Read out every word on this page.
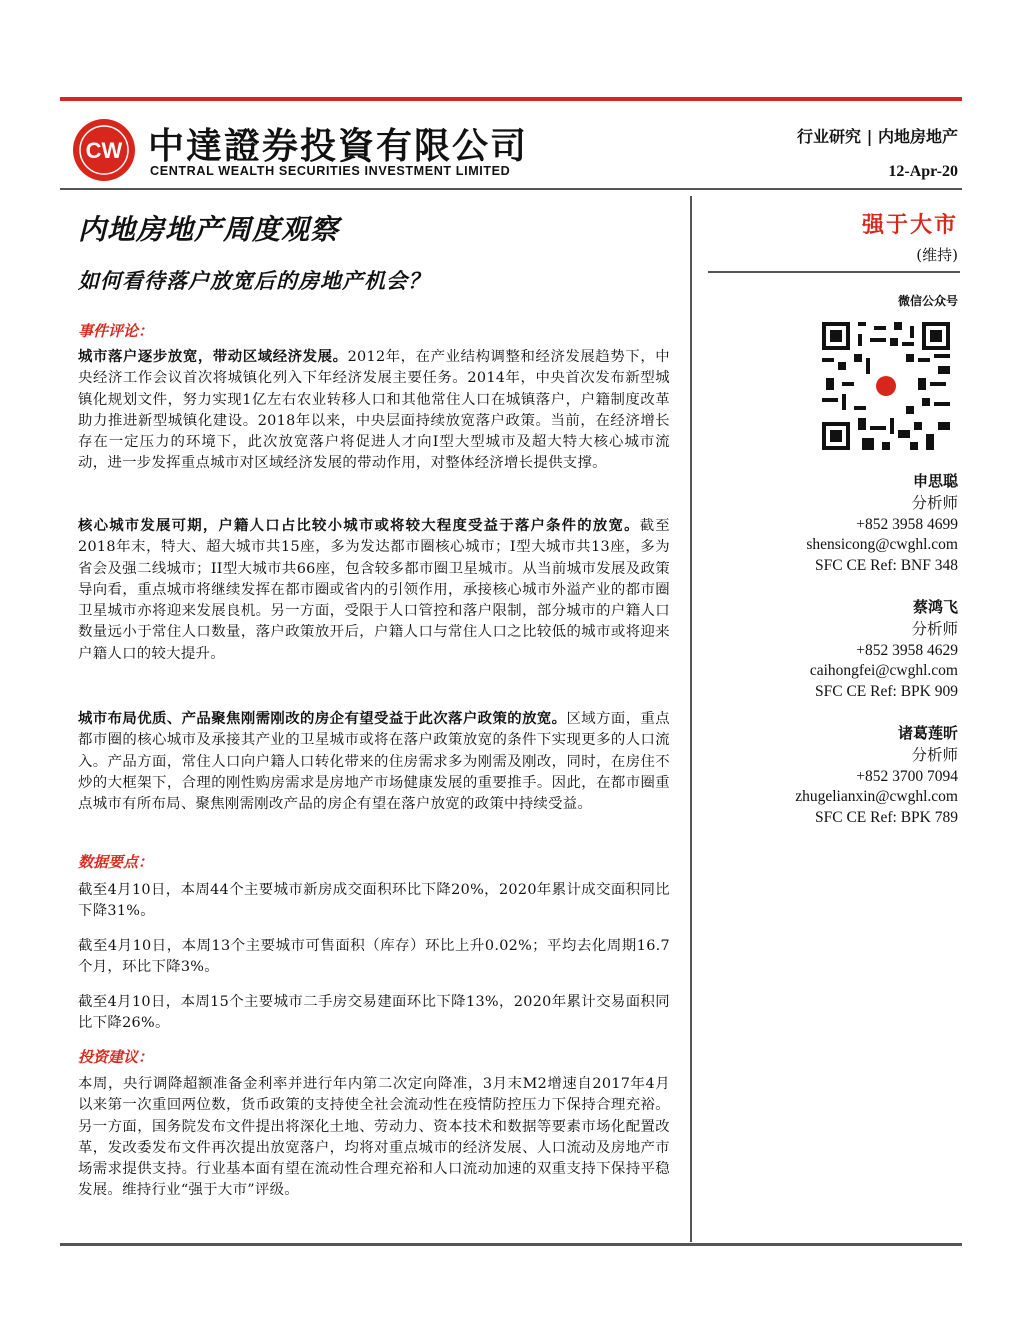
CW 中達證券投資有限公司
CENTRAL WEALTH SECURITIES INVESTMENT LIMITED
行业研究 | 内地房地产
12-Apr-20
内地房地产周度观察
如何看待落户放宽后的房地产机会？
事件评论：
城市落户逐步放宽，带动区域经济发展。2012年，在产业结构调整和经济发展趋势下，中央经济工作会议首次将城镇化列入下年经济发展主要任务。2014年，中央首次发布新型城镇化规划文件，努力实现1亿左右农业转移人口和其他常住人口在城镇落户，户籍制度改革助力推进新型城镇化建设。2018年以来，中央层面持续放宽落户政策。当前，在经济增长存在一定压力的环境下，此次放宽落户将促进人才向I型大型城市及超大特大核心城市流动，进一步发挥重点城市对区域经济发展的带动作用，对整体经济增长提供支撑。
核心城市发展可期，户籍人口占比较小城市或将较大程度受益于落户条件的放宽。截至2018年末，特大、超大城市共15座，多为发达都市圈核心城市；I型大城市共13座，多为省会及强二线城市；II型大城市共66座，包含较多都市圈卫星城市。从当前城市发展及政策导向看，重点城市将继续发挥在都市圈或省内的引领作用，承接核心城市外溢产业的都市圈卫星城市亦将迎来发展良机。另一方面，受限于人口管控和落户限制，部分城市的户籍人口数量远小于常住人口数量，落户政策放开后，户籍人口与常住人口之比较低的城市或将迎来户籍人口的较大提升。
城市布局优质、产品聚焦刚需刚改的房企有望受益于此次落户政策的放宽。区域方面，重点都市圈的核心城市及承接其产业的卫星城市或将在落户政策放宽的条件下实现更多的人口流入。产品方面，常住人口向户籍人口转化带来的住房需求多为刚需及刚改，同时，在房住不炒的大框架下，合理的刚性购房需求是房地产市场健康发展的重要推手。因此，在都市圈重点城市有所布局、聚焦刚需刚改产品的房企有望在落户放宽的政策中持续受益。
数据要点：
截至4月10日，本周44个主要城市新房成交面积环比下降20%，2020年累计成交面积同比下降31%。
截至4月10日，本周13个主要城市可售面积（库存）环比上升0.02%；平均去化周期16.7个月，环比下降3%。
截至4月10日，本周15个主要城市二手房交易建面环比下降13%，2020年累计交易面积同比下降26%。
投资建议：
本周，央行调降超额准备金利率并进行年内第二次定向降准，3月末M2增速自2017年4月以来第一次重回两位数，货币政策的支持使全社会流动性在疫情防控压力下保持合理充裕。另一方面，国务院发布文件提出将深化土地、劳动力、资本技术和数据等要素市场化配置改革，发改委发布文件再次提出放宽落户，均将对重点城市的经济发展、人口流动及房地产市场需求提供支持。行业基本面有望在流动性合理充裕和人口流动加速的双重支持下保持平稳发展。维持行业“强于大市”评级。
强于大市
(维持)
微信公众号
申思聪
分析师
+852 3958 4699
shensicong@cwghl.com
SFC CE Ref: BNF 348
蔡鸿飞
分析师
+852 3958 4629
caihongfei@cwghl.com
SFC CE Ref: BPK 909
诸葛莲昕
分析师
+852 3700 7094
zhugelianxin@cwghl.com
SFC CE Ref: BPK 789
